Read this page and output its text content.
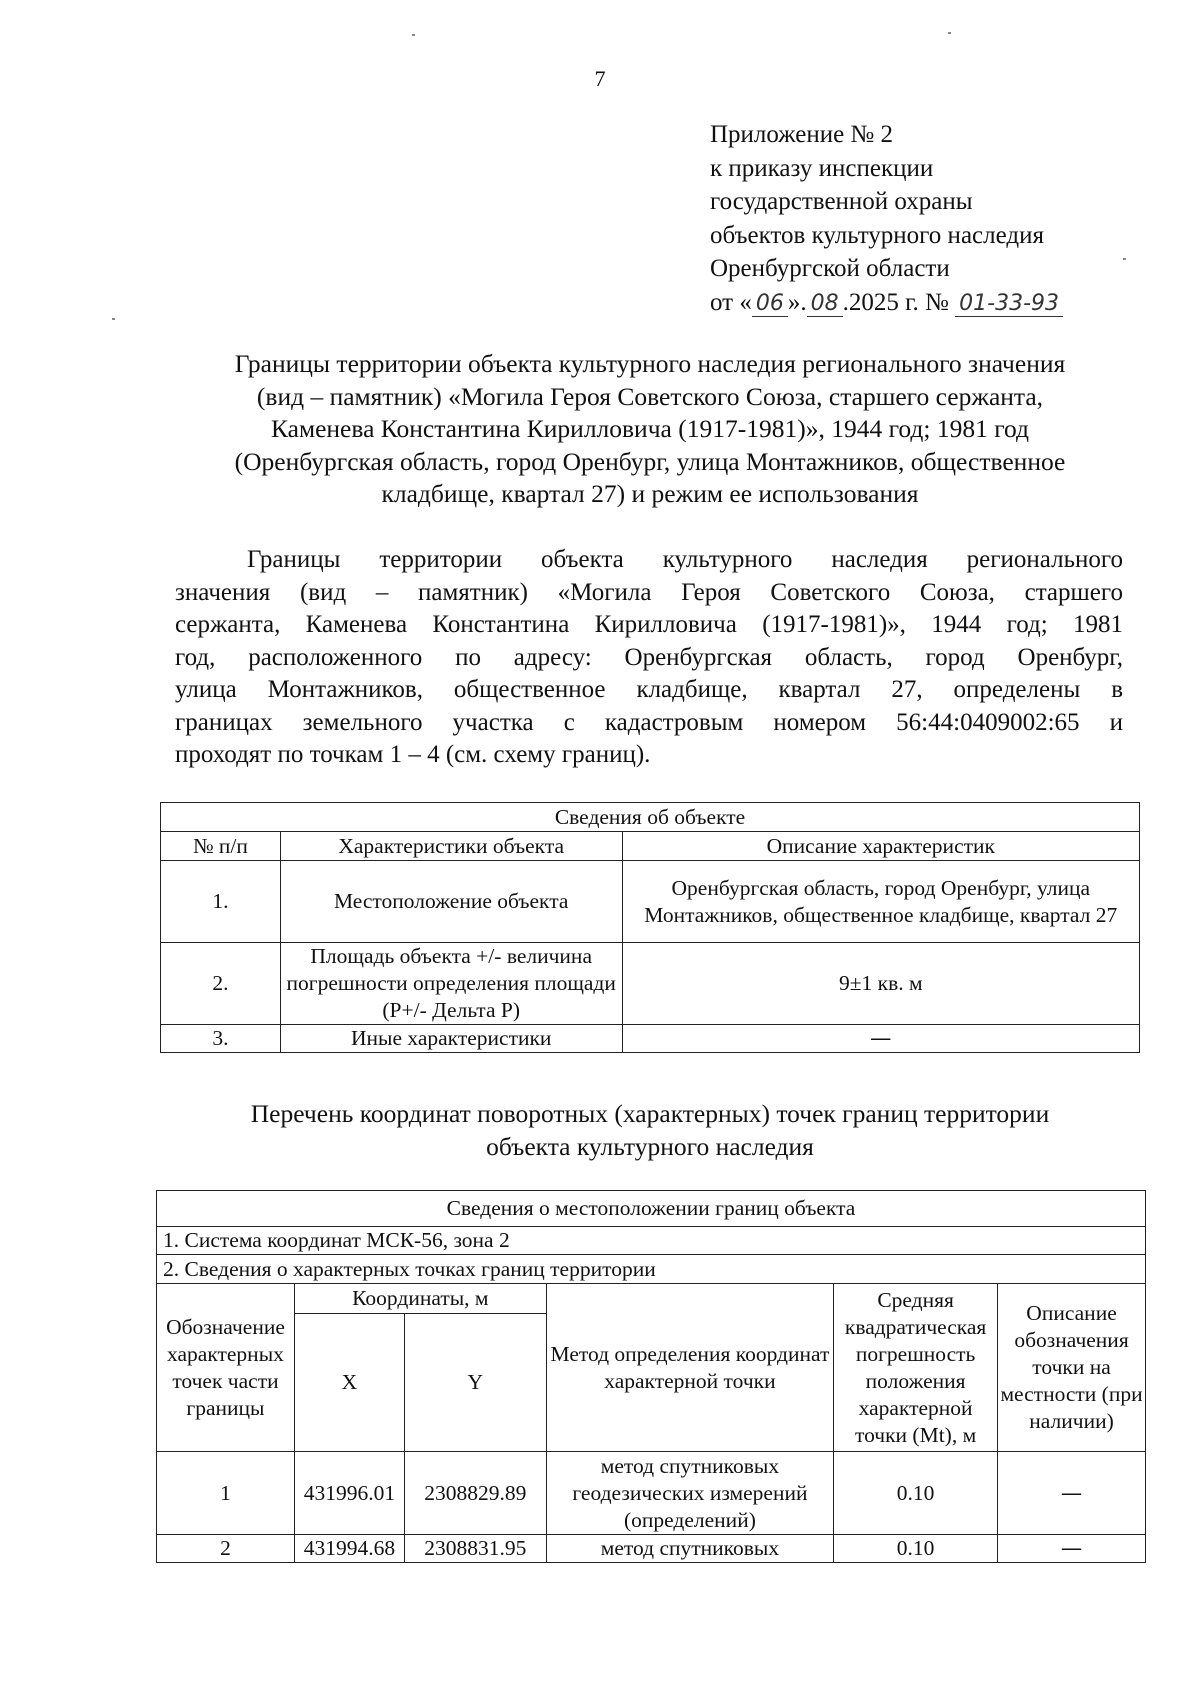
7
Приложение № 2
к приказу инспекции
государственной охраны
объектов культурного наследия
Оренбургской области
от « 06 ». 08 .2025 г. № 01-33-93
Границы территории объекта культурного наследия регионального значения
(вид – памятник) «Могила Героя Советского Союза, старшего сержанта,
Каменева Константина Кирилловича (1917-1981)», 1944 год; 1981 год
(Оренбургская область, город Оренбург, улица Монтажников, общественное
кладбище, квартал 27) и режим ее использования
Границы территории объекта культурного наследия регионального
значения (вид – памятник) «Могила Героя Советского Союза, старшего
сержанта, Каменева Константина Кирилловича (1917-1981)», 1944 год; 1981
год, расположенного по адресу: Оренбургская область, город Оренбург,
улица Монтажников, общественное кладбище, квартал 27, определены в
границах земельного участка с кадастровым номером 56:44:0409002:65 и
проходят по точкам 1 – 4 (см. схему границ).
Сведения об объекте		
№ п/п	Характеристики объекта	Описание характеристик
1.	Местоположение объекта	Оренбургская область, город Оренбург, улица Монтажников, общественное кладбище, квартал 27
2.	Площадь объекта +/- величина погрешности определения площади (Р+/- Дельта Р)	9±1 кв. м
3.	Иные характеристики	—
Перечень координат поворотных (характерных) точек границ территории
объекта культурного наследия
Сведения о местоположении границ объекта					
1. Система координат МСК-56, зона 2					
2. Сведения о характерных точках границ территории					
Обозначение характерных точек части границы	Координаты, м		Метод определения координат характерной точки	Средняя квадратическая погрешность положения характерной точки (Mt), м	Описание обозначения точки на местности (при наличии)
	X	Y			
1	431996.01	2308829.89	метод спутниковых геодезических измерений (определений)	0.10	—
2	431994.68	2308831.95	метод спутниковых	0.10	—
